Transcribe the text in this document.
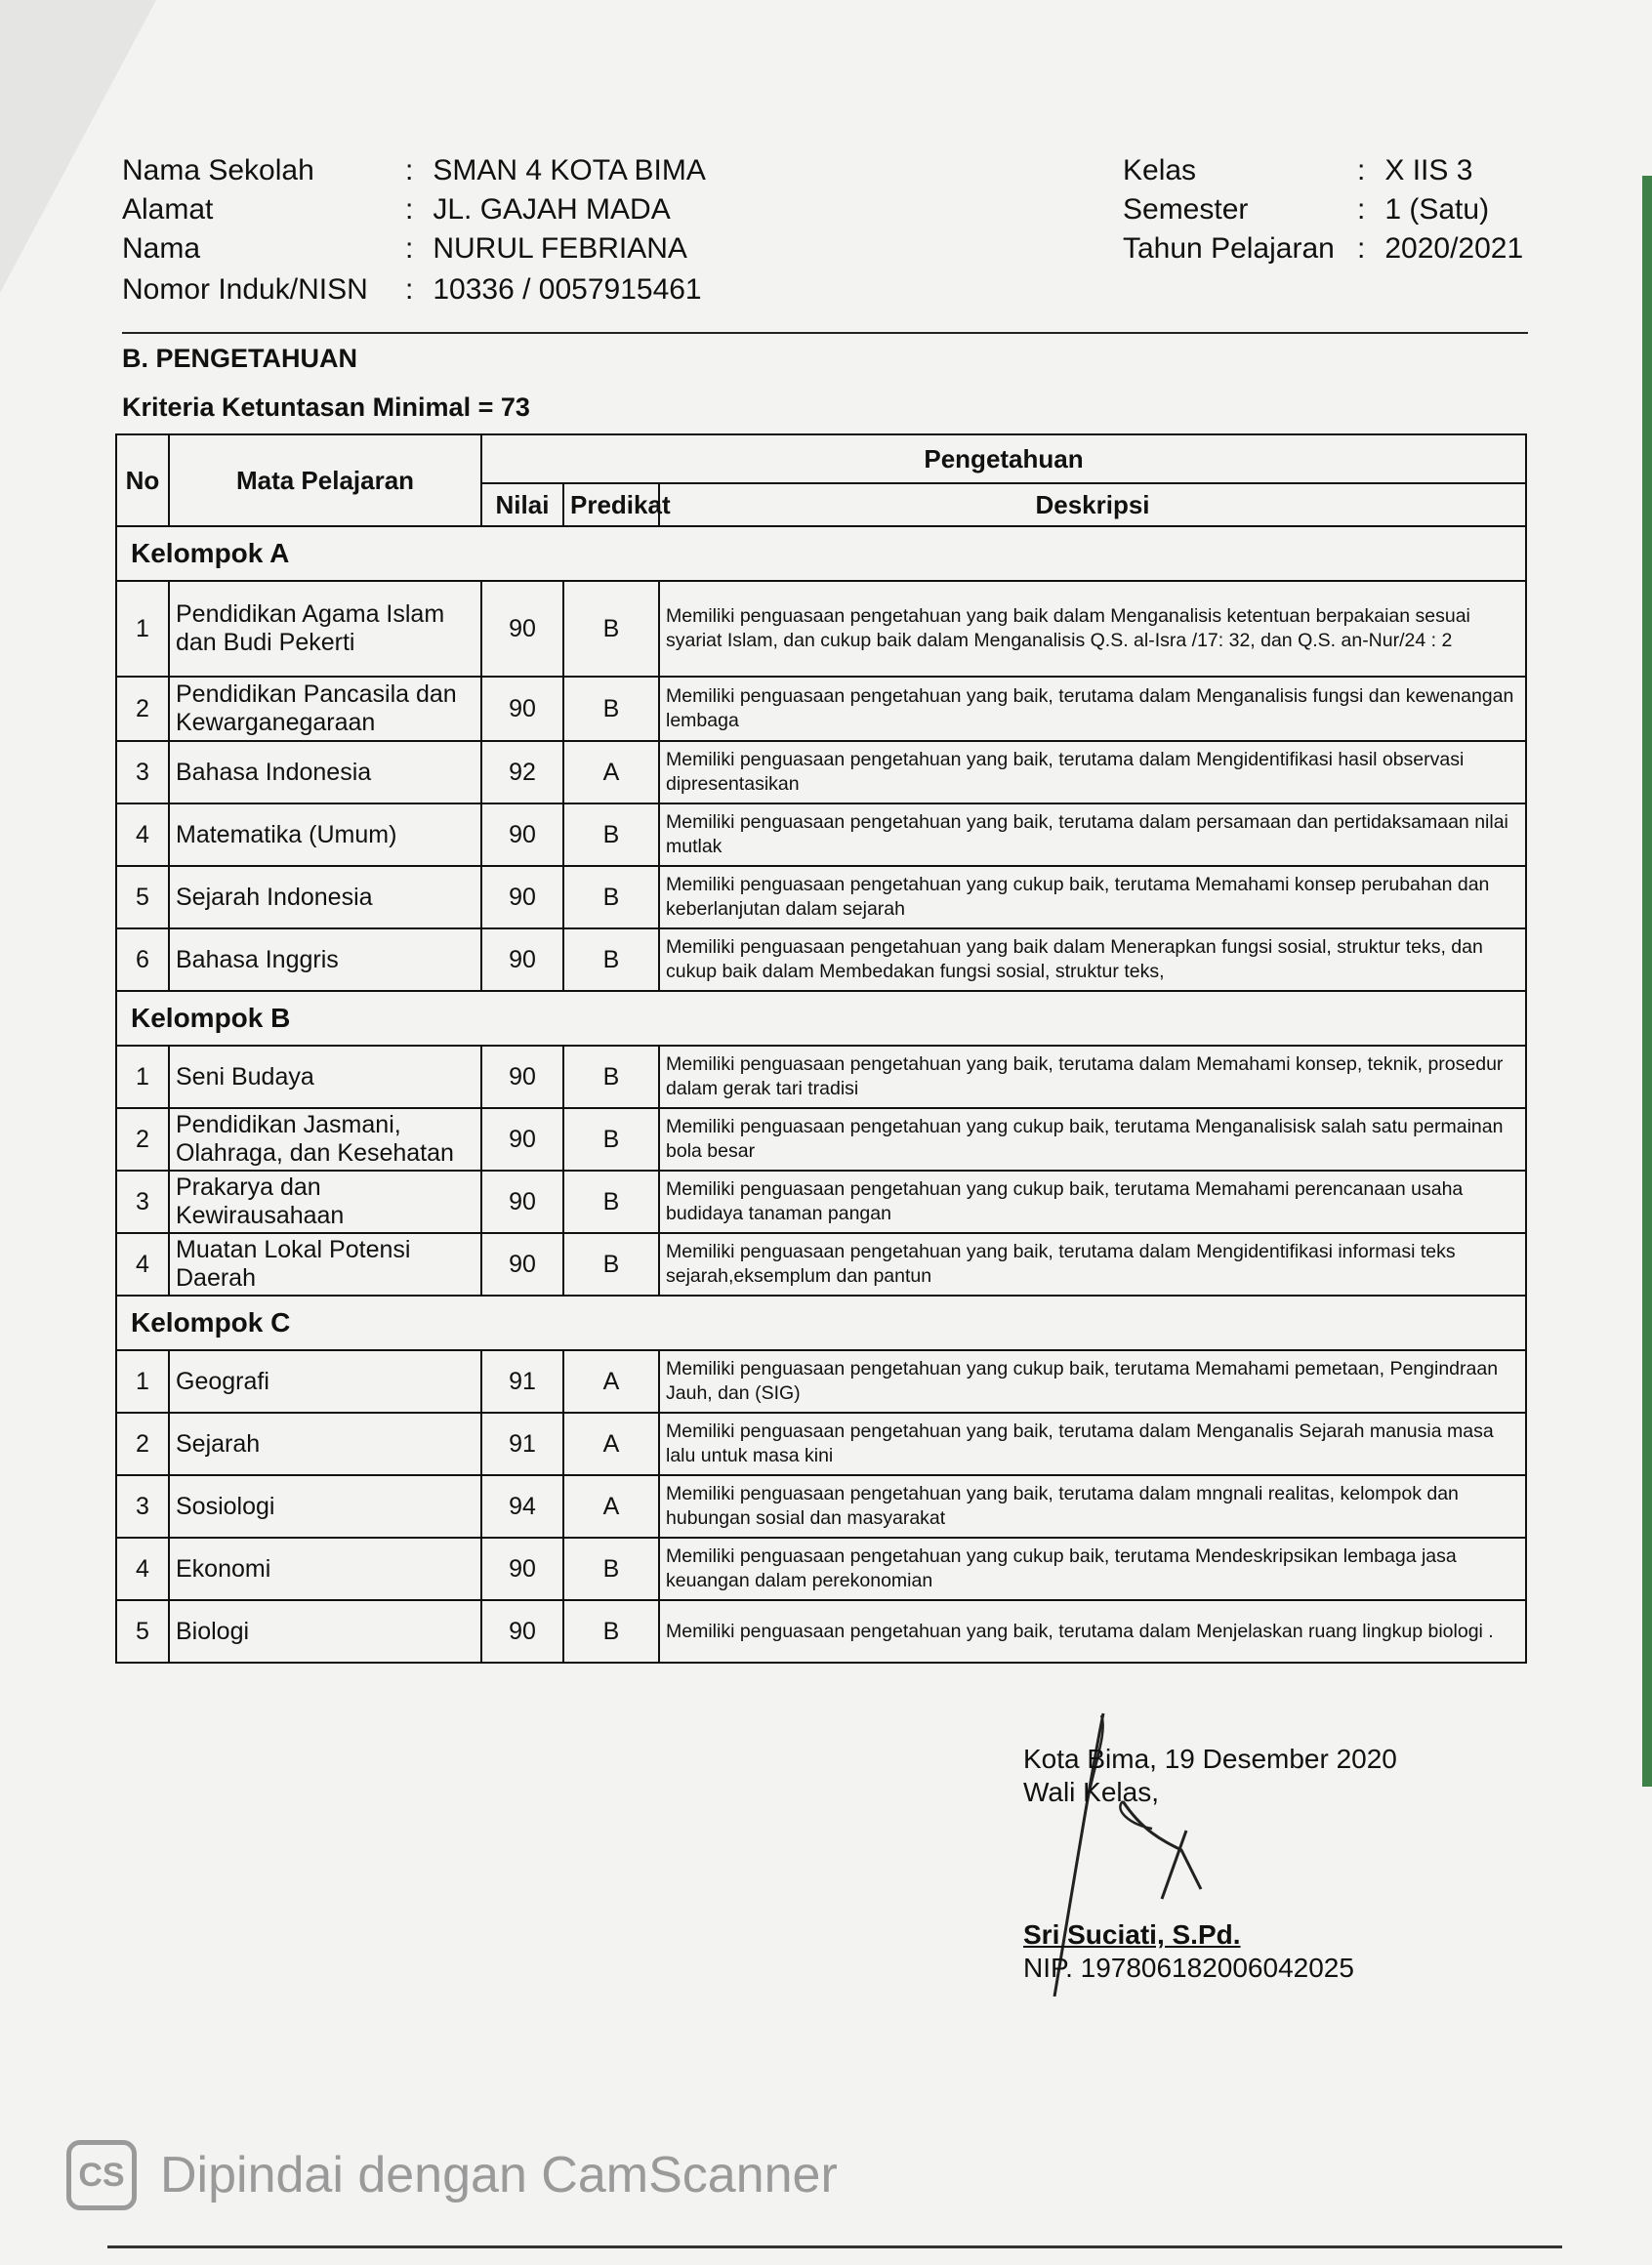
Nama Sekolah	: SMAN 4 KOTA BIMA
Alamat	: JL. GAJAH MADA
Nama	: NURUL FEBRIANA
Nomor Induk/NISN : 10336 / 0057915461
Kelas	: X IIS 3
Semester	: 1 (Satu)
Tahun Pelajaran : 2020/2021
B. PENGETAHUAN
Kriteria Ketuntasan Minimal = 73
No	Mata Pelajaran	Pengetahuan		
		Nilai	Predikat	Deskripsi
Kelompok A				
1	Pendidikan Agama Islam dan Budi Pekerti	90	B	Memiliki penguasaan pengetahuan yang baik dalam Menganalisis ketentuan berpakaian sesuai syariat Islam, dan cukup baik dalam Menganalisis Q.S. al-Isra /17: 32, dan Q.S. an-Nur/24 : 2
2	Pendidikan Pancasila dan Kewarganegaraan	90	B	Memiliki penguasaan pengetahuan yang baik, terutama dalam Menganalisis fungsi dan kewenangan lembaga
3	Bahasa Indonesia	92	A	Memiliki penguasaan pengetahuan yang baik, terutama dalam Mengidentifikasi hasil observasi dipresentasikan
4	Matematika (Umum)	90	B	Memiliki penguasaan pengetahuan yang baik, terutama dalam persamaan dan pertidaksamaan nilai mutlak
5	Sejarah Indonesia	90	B	Memiliki penguasaan pengetahuan yang cukup baik, terutama Memahami konsep perubahan dan keberlanjutan dalam sejarah
6	Bahasa Inggris	90	B	Memiliki penguasaan pengetahuan yang baik dalam Menerapkan fungsi sosial, struktur teks, dan cukup baik dalam Membedakan fungsi sosial, struktur teks,
Kelompok B				
1	Seni Budaya	90	B	Memiliki penguasaan pengetahuan yang baik, terutama dalam Memahami konsep, teknik, prosedur dalam gerak tari tradisi
2	Pendidikan Jasmani, Olahraga, dan Kesehatan	90	B	Memiliki penguasaan pengetahuan yang cukup baik, terutama Menganalisisk salah satu permainan bola besar
3	Prakarya dan Kewirausahaan	90	B	Memiliki penguasaan pengetahuan yang cukup baik, terutama Memahami perencanaan usaha budidaya tanaman pangan
4	Muatan Lokal Potensi Daerah	90	B	Memiliki penguasaan pengetahuan yang baik, terutama dalam Mengidentifikasi informasi teks sejarah,eksemplum dan pantun
Kelompok C				
1	Geografi	91	A	Memiliki penguasaan pengetahuan yang cukup baik, terutama Memahami pemetaan, Pengindraan Jauh, dan (SIG)
2	Sejarah	91	A	Memiliki penguasaan pengetahuan yang baik, terutama dalam Menganalis Sejarah manusia masa lalu untuk masa kini
3	Sosiologi	94	A	Memiliki penguasaan pengetahuan yang baik, terutama dalam mngnali realitas, kelompok dan hubungan sosial dan masyarakat
4	Ekonomi	90	B	Memiliki penguasaan pengetahuan yang cukup baik, terutama Mendeskripsikan lembaga jasa keuangan dalam perekonomian
5	Biologi	90	B	Memiliki penguasaan pengetahuan yang baik, terutama dalam Menjelaskan ruang lingkup biologi .
Kota Bima, 19 Desember 2020
Wali Kelas,
Sri Suciati, S.Pd.
NIP. 197806182006042025
CS Dipindai dengan CamScanner
